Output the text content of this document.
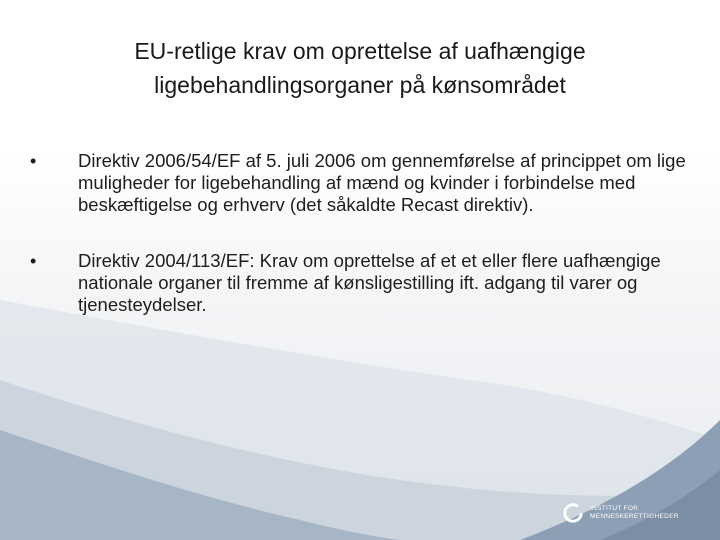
EU-retlige krav om oprettelse af uafhængige
ligebehandlingsorganer på kønsområdet
• Direktiv 2006/54/EF af 5. juli 2006 om gennemførelse af princippet om lige muligheder for ligebehandling af mænd og kvinder i forbindelse med beskæftigelse og erhverv (det såkaldte Recast direktiv).
• Direktiv 2004/113/EF: Krav om oprettelse af et et eller flere uafhængige nationale organer til fremme af kønsligestilling ift. adgang til varer og tjenesteydelser.
INSTITUT FOR
MENNESKERETTIGHEDER
